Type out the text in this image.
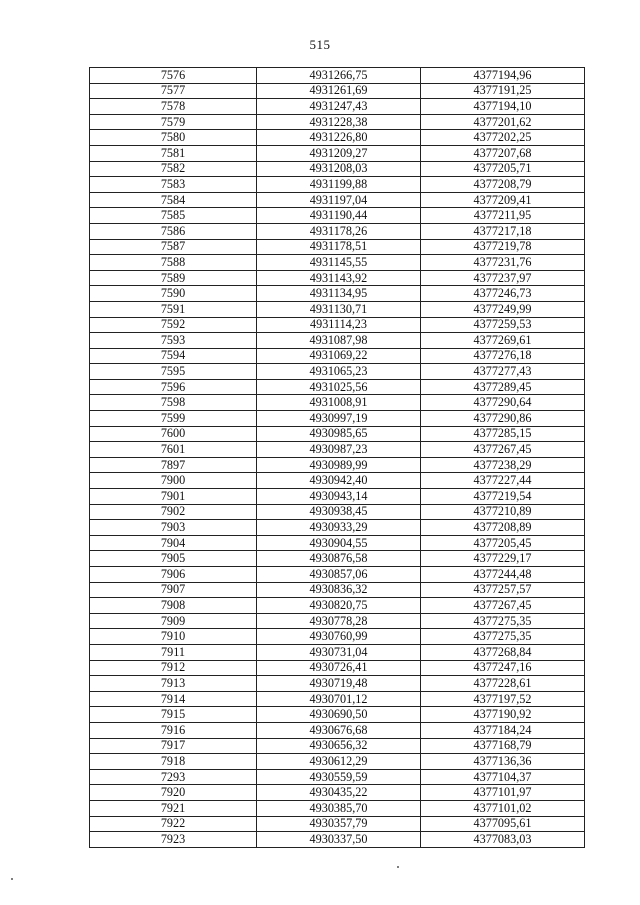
515
7576	4931266,75	4377194,96
7577	4931261,69	4377191,25
7578	4931247,43	4377194,10
7579	4931228,38	4377201,62
7580	4931226,80	4377202,25
7581	4931209,27	4377207,68
7582	4931208,03	4377205,71
7583	4931199,88	4377208,79
7584	4931197,04	4377209,41
7585	4931190,44	4377211,95
7586	4931178,26	4377217,18
7587	4931178,51	4377219,78
7588	4931145,55	4377231,76
7589	4931143,92	4377237,97
7590	4931134,95	4377246,73
7591	4931130,71	4377249,99
7592	4931114,23	4377259,53
7593	4931087,98	4377269,61
7594	4931069,22	4377276,18
7595	4931065,23	4377277,43
7596	4931025,56	4377289,45
7598	4931008,91	4377290,64
7599	4930997,19	4377290,86
7600	4930985,65	4377285,15
7601	4930987,23	4377267,45
7897	4930989,99	4377238,29
7900	4930942,40	4377227,44
7901	4930943,14	4377219,54
7902	4930938,45	4377210,89
7903	4930933,29	4377208,89
7904	4930904,55	4377205,45
7905	4930876,58	4377229,17
7906	4930857,06	4377244,48
7907	4930836,32	4377257,57
7908	4930820,75	4377267,45
7909	4930778,28	4377275,35
7910	4930760,99	4377275,35
7911	4930731,04	4377268,84
7912	4930726,41	4377247,16
7913	4930719,48	4377228,61
7914	4930701,12	4377197,52
7915	4930690,50	4377190,92
7916	4930676,68	4377184,24
7917	4930656,32	4377168,79
7918	4930612,29	4377136,36
7293	4930559,59	4377104,37
7920	4930435,22	4377101,97
7921	4930385,70	4377101,02
7922	4930357,79	4377095,61
7923	4930337,50	4377083,03
